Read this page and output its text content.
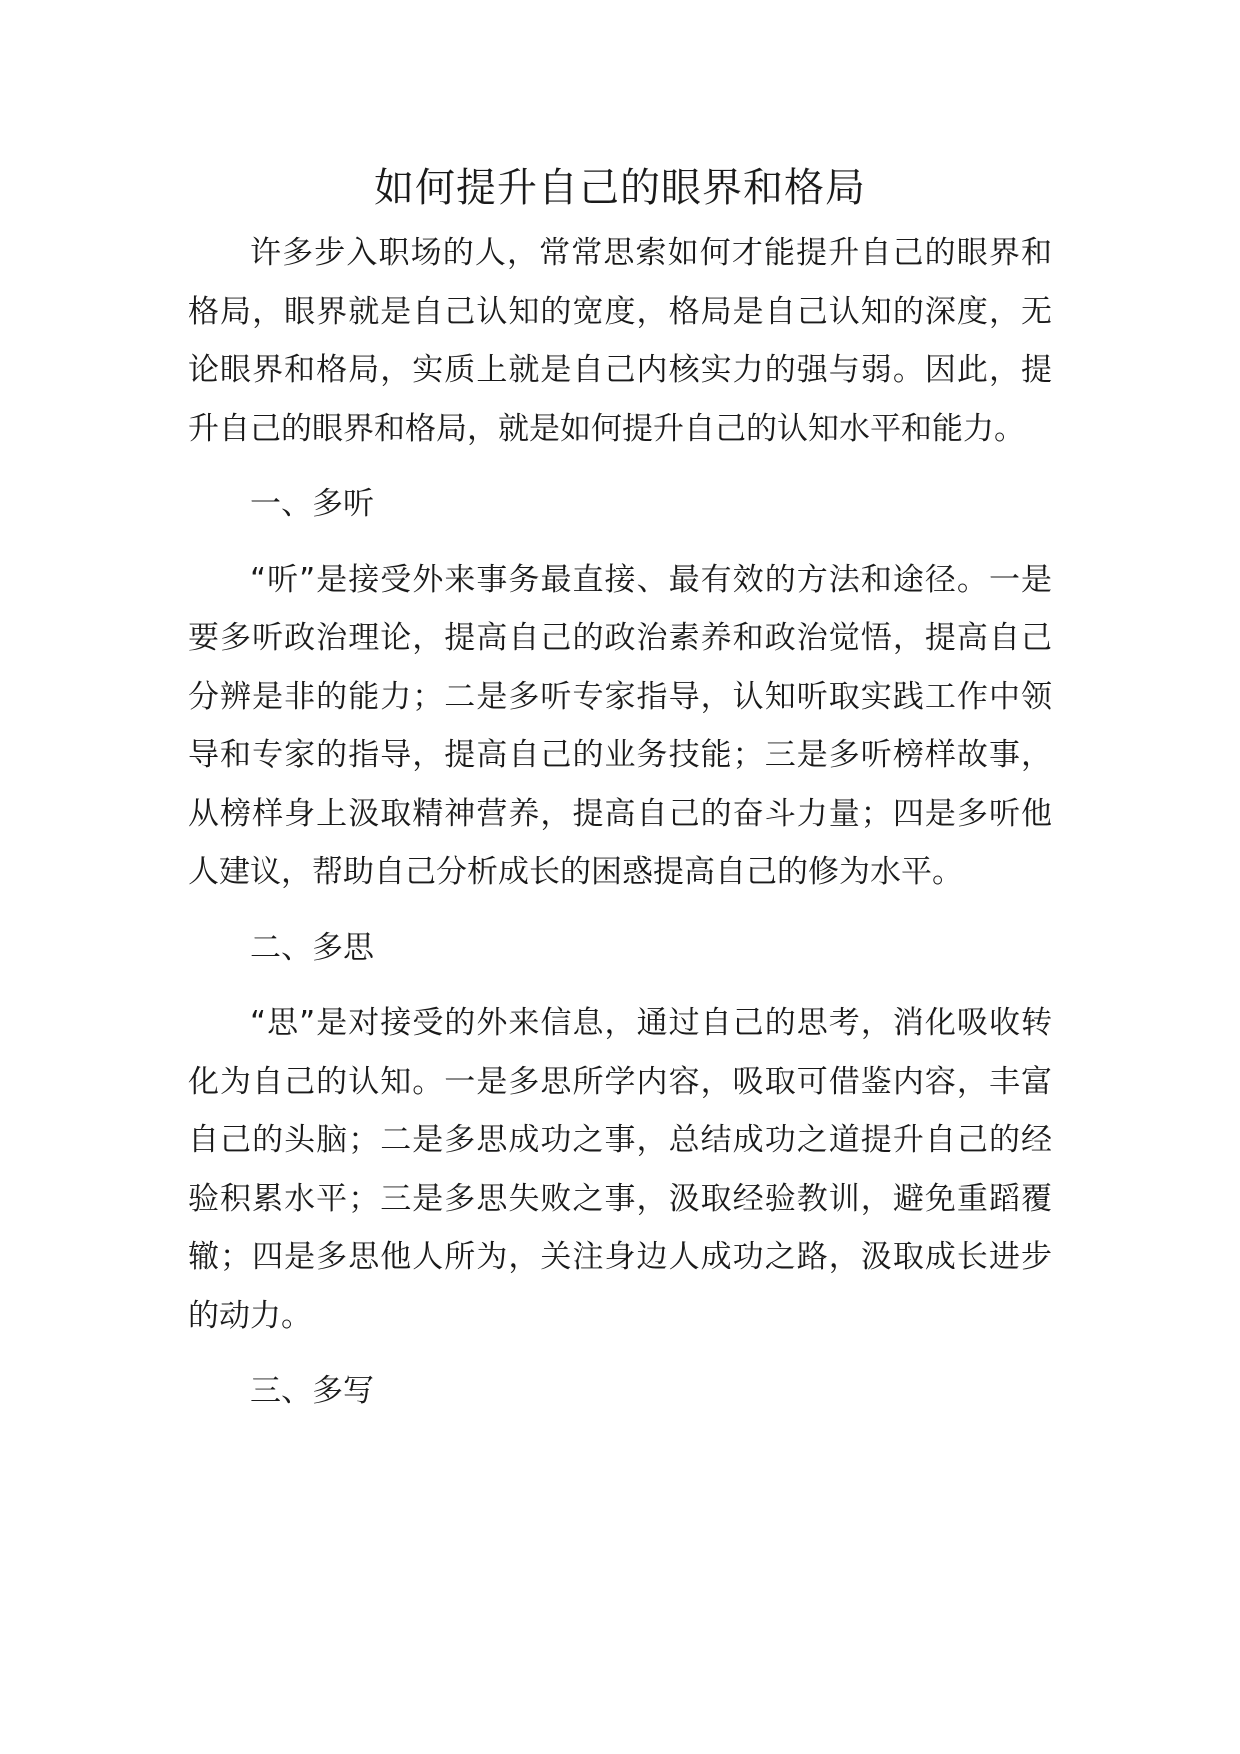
如何提升自己的眼界和格局

许多步入职场的人，常常思索如何才能提升自己的眼界和格局，眼界就是自己认知的宽度，格局是自己认知的深度，无论眼界和格局，实质上就是自己内核实力的强与弱。因此，提升自己的眼界和格局，就是如何提升自己的认知水平和能力。

一、多听

“听”是接受外来事务最直接、最有效的方法和途径。一是要多听政治理论，提高自己的政治素养和政治觉悟，提高自己分辨是非的能力；二是多听专家指导，认知听取实践工作中领导和专家的指导，提高自己的业务技能；三是多听榜样故事，从榜样身上汲取精神营养，提高自己的奋斗力量；四是多听他人建议，帮助自己分析成长的困惑提高自己的修为水平。

二、多思

“思”是对接受的外来信息，通过自己的思考，消化吸收转化为自己的认知。一是多思所学内容，吸取可借鉴内容，丰富自己的头脑；二是多思成功之事，总结成功之道提升自己的经验积累水平；三是多思失败之事，汲取经验教训，避免重蹈覆辙；四是多思他人所为，关注身边人成功之路，汲取成长进步的动力。

三、多写
